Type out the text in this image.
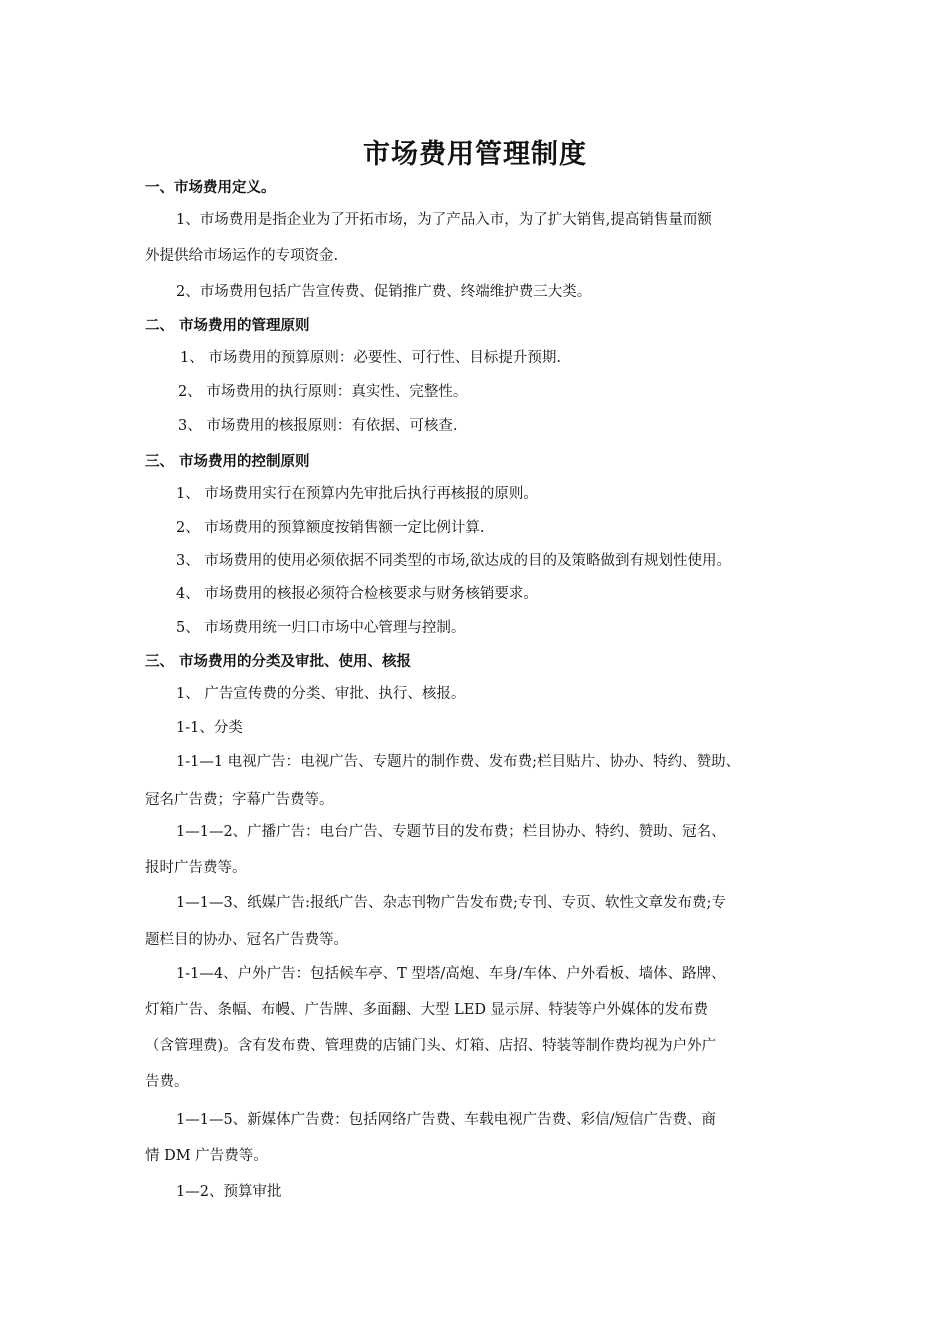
市场费用管理制度
一、市场费用定义。
1、市场费用是指企业为了开拓市场，为了产品入市，为了扩大销售,提高销售量而额
外提供给市场运作的专项资金.
2、市场费用包括广告宣传费、促销推广费、终端维护费三大类。
二、 市场费用的管理原则
1、 市场费用的预算原则：必要性、可行性、目标提升预期.
2、 市场费用的执行原则：真实性、完整性。
3、 市场费用的核报原则：有依据、可核查.
三、 市场费用的控制原则
1、 市场费用实行在预算内先审批后执行再核报的原则。
2、 市场费用的预算额度按销售额一定比例计算.
3、 市场费用的使用必须依据不同类型的市场,欲达成的目的及策略做到有规划性使用。
4、 市场费用的核报必须符合检核要求与财务核销要求。
5、 市场费用统一归口市场中心管理与控制。
三、 市场费用的分类及审批、使用、核报
1、 广告宣传费的分类、审批、执行、核报。
1-1、分类
1-1—1 电视广告：电视广告、专题片的制作费、发布费;栏目贴片、协办、特约、赞助、
冠名广告费；字幕广告费等。
1—1—2、广播广告：电台广告、专题节目的发布费；栏目协办、特约、赞助、冠名、
报时广告费等。
1—1—3、纸媒广告:报纸广告、杂志刊物广告发布费;专刊、专页、软性文章发布费;专
题栏目的协办、冠名广告费等。
1-1—4、户外广告：包括候车亭、T 型塔/高炮、车身/车体、户外看板、墙体、路牌、
灯箱广告、条幅、布幔、广告牌、多面翻、大型 LED 显示屏、特装等户外媒体的发布费
（含管理费)。含有发布费、管理费的店铺门头、灯箱、店招、特装等制作费均视为户外广
告费。
1—1—5、新媒体广告费：包括网络广告费、车载电视广告费、彩信/短信广告费、商
情 DM 广告费等。
1—2、预算审批
